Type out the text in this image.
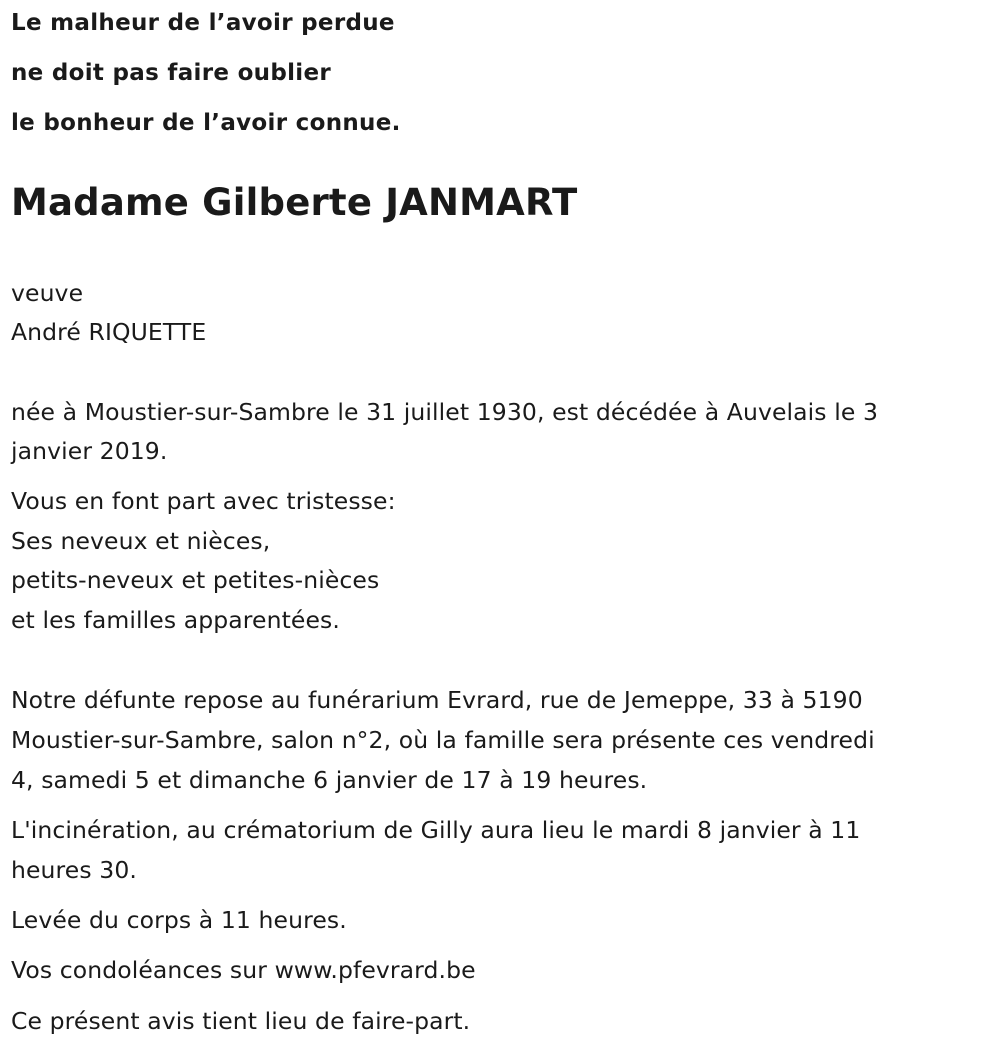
Le malheur de l’avoir perdue
ne doit pas faire oublier
le bonheur de l’avoir connue.
Madame Gilberte JANMART
veuve
André RIQUETTE
née à Moustier-sur-Sambre le 31 juillet 1930, est décédée à Auvelais le 3
janvier 2019.
Vous en font part avec tristesse:
Ses neveux et nièces,
petits-neveux et petites-nièces
et les familles apparentées.
Notre défunte repose au funérarium Evrard, rue de Jemeppe, 33 à 5190
Moustier-sur-Sambre, salon n°2, où la famille sera présente ces vendredi
4, samedi 5 et dimanche 6 janvier de 17 à 19 heures.
L'incinération, au crématorium de Gilly aura lieu le mardi 8 janvier à 11
heures 30.
Levée du corps à 11 heures.
Vos condoléances sur www.pfevrard.be
Ce présent avis tient lieu de faire-part.
